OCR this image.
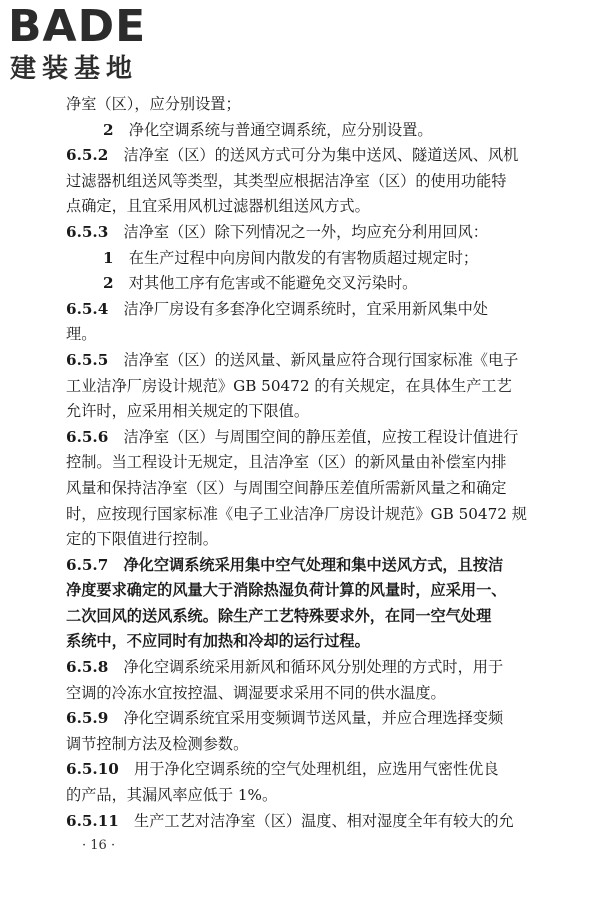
BADE
建装基地
净室（区），应分别设置；
2  净化空调系统与普通空调系统，应分别设置。
6.5.2  洁净室（区）的送风方式可分为集中送风、隧道送风、风机
过滤器机组送风等类型，其类型应根据洁净室（区）的使用功能特
点确定，且宜采用风机过滤器机组送风方式。
6.5.3  洁净室（区）除下列情况之一外，均应充分利用回风：
1  在生产过程中向房间内散发的有害物质超过规定时；
2  对其他工序有危害或不能避免交叉污染时。
6.5.4  洁净厂房设有多套净化空调系统时，宜采用新风集中处
理。
6.5.5  洁净室（区）的送风量、新风量应符合现行国家标准《电子
工业洁净厂房设计规范》GB 50472 的有关规定，在具体生产工艺
允许时，应采用相关规定的下限值。
6.5.6  洁净室（区）与周围空间的静压差值，应按工程设计值进行
控制。当工程设计无规定，且洁净室（区）的新风量由补偿室内排
风量和保持洁净室（区）与周围空间静压差值所需新风量之和确定
时，应按现行国家标准《电子工业洁净厂房设计规范》GB 50472 规
定的下限值进行控制。
6.5.7  净化空调系统采用集中空气处理和集中送风方式，且按洁
净度要求确定的风量大于消除热湿负荷计算的风量时，应采用一、
二次回风的送风系统。除生产工艺特殊要求外，在同一空气处理
系统中，不应同时有加热和冷却的运行过程。
6.5.8  净化空调系统采用新风和循环风分别处理的方式时，用于
空调的冷冻水宜按控温、调湿要求采用不同的供水温度。
6.5.9  净化空调系统宜采用变频调节送风量，并应合理选择变频
调节控制方法及检测参数。
6.5.10  用于净化空调系统的空气处理机组，应选用气密性优良
的产品，其漏风率应低于 1%。
6.5.11  生产工艺对洁净室（区）温度、相对湿度全年有较大的允
· 16 ·
